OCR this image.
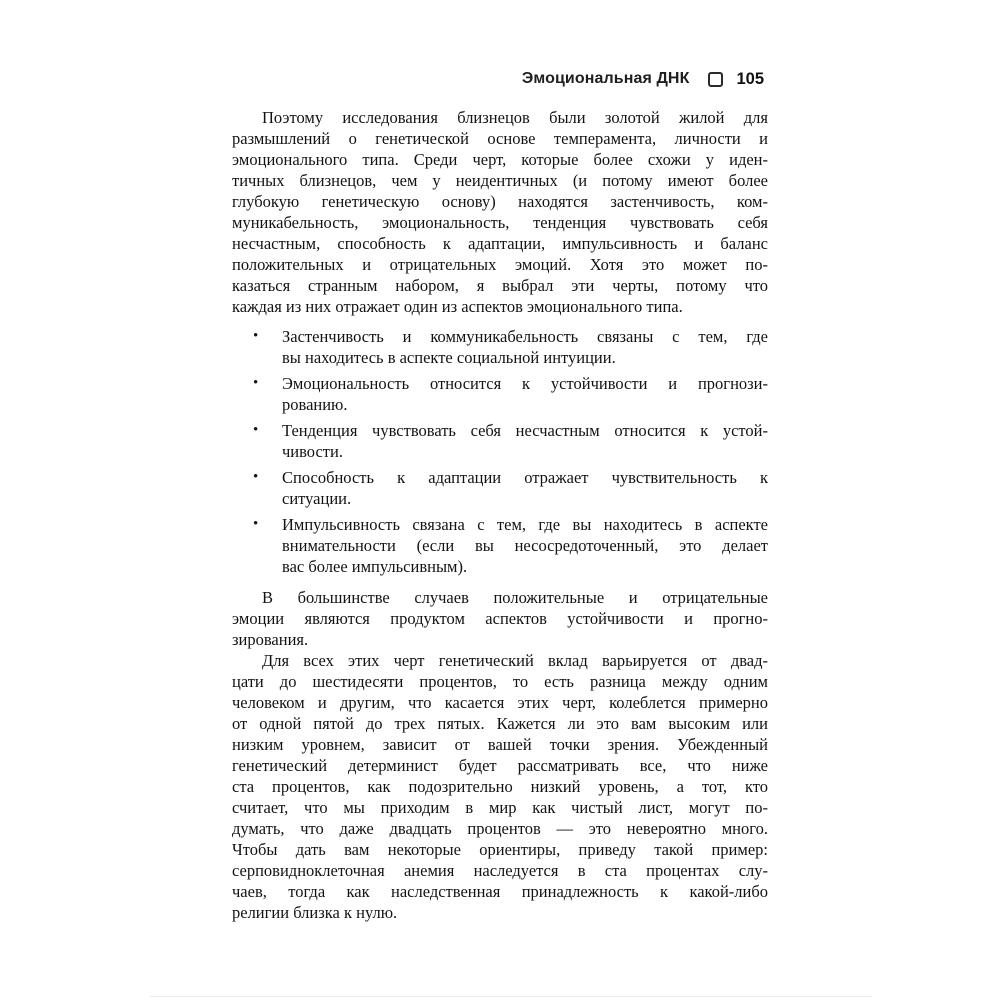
Эмоциональная ДНК	105
Поэтому исследования близнецов были золотой жилой для
размышлений о генетической основе темперамента, личности и
эмоционального типа. Среди черт, которые более схожи у иден-
тичных близнецов, чем у неидентичных (и потому имеют более
глубокую генетическую основу) находятся застенчивость, ком-
муникабельность, эмоциональность, тенденция чувствовать себя
несчастным, способность к адаптации, импульсивность и баланс
положительных и отрицательных эмоций. Хотя это может по-
казаться странным набором, я выбрал эти черты, потому что
каждая из них отражает один из аспектов эмоционального типа.
•	Застенчивость и коммуникабельность связаны с тем, где
вы находитесь в аспекте социальной интуиции.
•	Эмоциональность относится к устойчивости и прогнози-
рованию.
•	Тенденция чувствовать себя несчастным относится к устой-
чивости.
•	Способность к адаптации отражает чувствительность к
ситуации.
•	Импульсивность связана с тем, где вы находитесь в аспекте
внимательности (если вы несосредоточенный, это делает
вас более импульсивным).
В большинстве случаев положительные и отрицательные
эмоции являются продуктом аспектов устойчивости и прогно-
зирования.
Для всех этих черт генетический вклад варьируется от двад-
цати до шестидесяти процентов, то есть разница между одним
человеком и другим, что касается этих черт, колеблется примерно
от одной пятой до трех пятых. Кажется ли это вам высоким или
низким уровнем, зависит от вашей точки зрения. Убежденный
генетический детерминист будет рассматривать все, что ниже
ста процентов, как подозрительно низкий уровень, а тот, кто
считает, что мы приходим в мир как чистый лист, могут по-
думать, что даже двадцать процентов — это невероятно много.
Чтобы дать вам некоторые ориентиры, приведу такой пример:
серповидноклеточная анемия наследуется в ста процентах слу-
чаев, тогда как наследственная принадлежность к какой-либо
религии близка к нулю.
